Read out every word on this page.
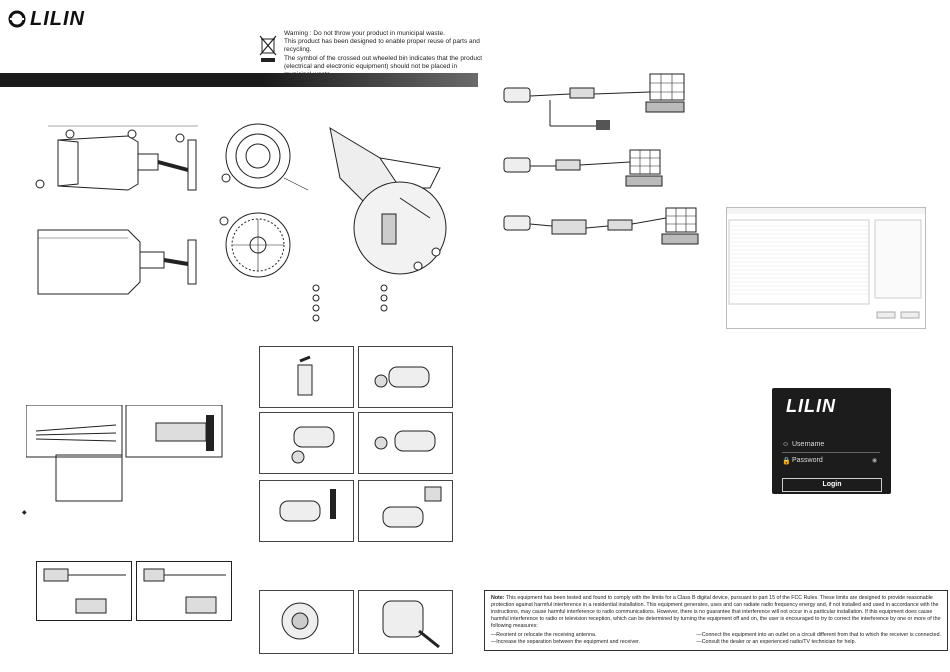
LILIN
Warning : Do not throw your product in municipal waste.
This product has been designed to enable proper reuse of parts and recycling.
The symbol of the crossed out wheeled bin indicates that the product
(electrical and electronic equipment) should not be placed in
◆
LILIN
☺ Username
🔒 Password	◉
Login
Note: This equipment has been tested and found to comply with the limits for a Class B digital device, pursuant to part 15 of the FCC Rules. These limits are designed to provide reasonable protection against harmful interference in a residential installation. This equipment generates, uses and can radiate radio frequency energy and, if not installed and used in accordance with the instructions, may cause harmful interference to radio communications. However, there is no guarantee that interference will not occur in a particular installation. If this equipment does cause harmful interference to radio or television reception, which can be determined by turning the equipment off and on, the user is encouraged to try to correct the interference by one or more of the following measures:
—Reorient or relocate the receiving antenna.
—Increase the separation between the equipment and receiver.
—Connect the equipment into an outlet on a circuit different from that to which the receiver is connected.
—Consult the dealer or an experienced radio/TV technician for help.
